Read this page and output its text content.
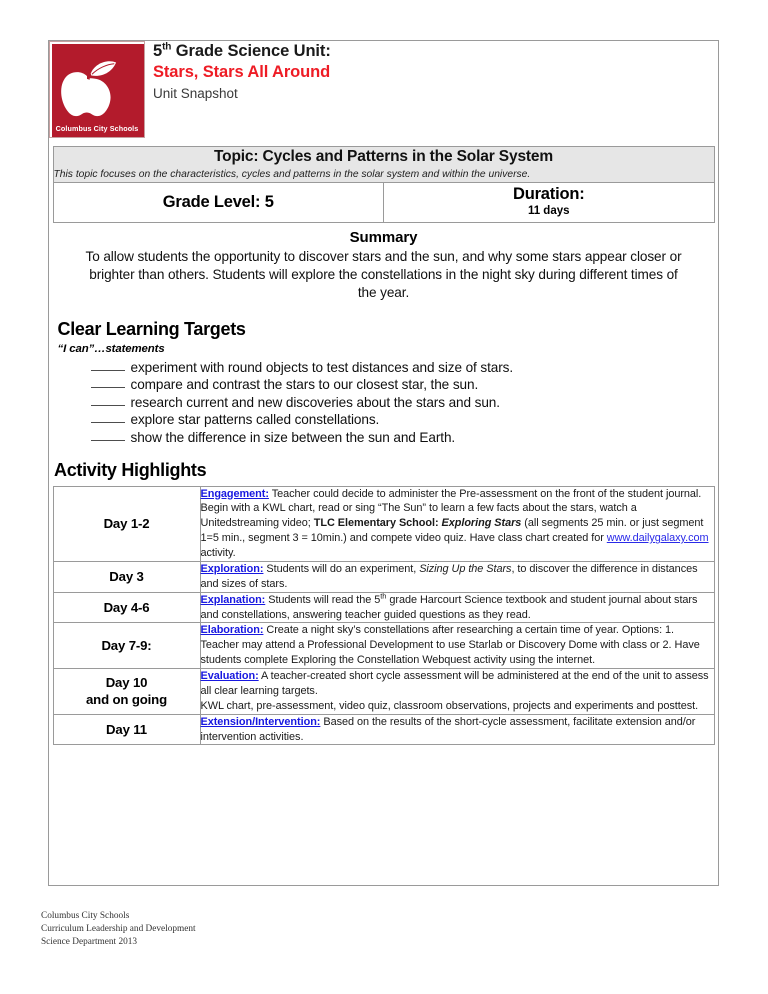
Columbus City Schools

5th Grade Science Unit:
Stars, Stars All Around
Unit Snapshot
Topic: Cycles and Patterns in the Solar System
This topic focuses on the characteristics, cycles and patterns in the solar system and within the universe.

Grade Level: 5	Duration:
11 days
Summary
To allow students the opportunity to discover stars and the sun, and why some stars appear closer or brighter than others. Students will explore the constellations in the night sky during different times of the year.
Clear Learning Targets
“I can”…statements
experiment with round objects to test distances and size of stars.
compare and contrast the stars to our closest star, the sun.
research current and new discoveries about the stars and sun.
explore star patterns called constellations.
show the difference in size between the sun and Earth.
Activity Highlights
Day 1-2	Engagement: Teacher could decide to administer the Pre-assessment on the front of the student journal. Begin with a KWL chart, read or sing “The Sun” to learn a few facts about the stars, watch a Unitedstreaming video; TLC Elementary School: Exploring Stars (all segments 25 min. or just segment 1=5 min., segment 3 = 10min.) and compete video quiz. Have class chart created for www.dailygalaxy.com activity.
Day 3	Exploration: Students will do an experiment, Sizing Up the Stars, to discover the difference in distances and sizes of stars.
Day 4-6	Explanation: Students will read the 5th grade Harcourt Science textbook and student journal about stars and constellations, answering teacher guided questions as they read.
Day 7-9:	Elaboration: Create a night sky’s constellations after researching a certain time of year. Options: 1. Teacher may attend a Professional Development to use Starlab or Discovery Dome with class or 2. Have students complete Exploring the Constellation Webquest activity using the internet.

Day 10
and on going
	Evaluation: A teacher-created short cycle assessment will be administered at the end of the unit to assess all clear learning targets.
KWL chart, pre-assessment, video quiz, classroom observations, projects and experiments and posttest.
Day 11	Extension/Intervention: Based on the results of the short-cycle assessment, facilitate extension and/or intervention activities.
Columbus City Schools
Curriculum Leadership and Development
Science Department 2013
